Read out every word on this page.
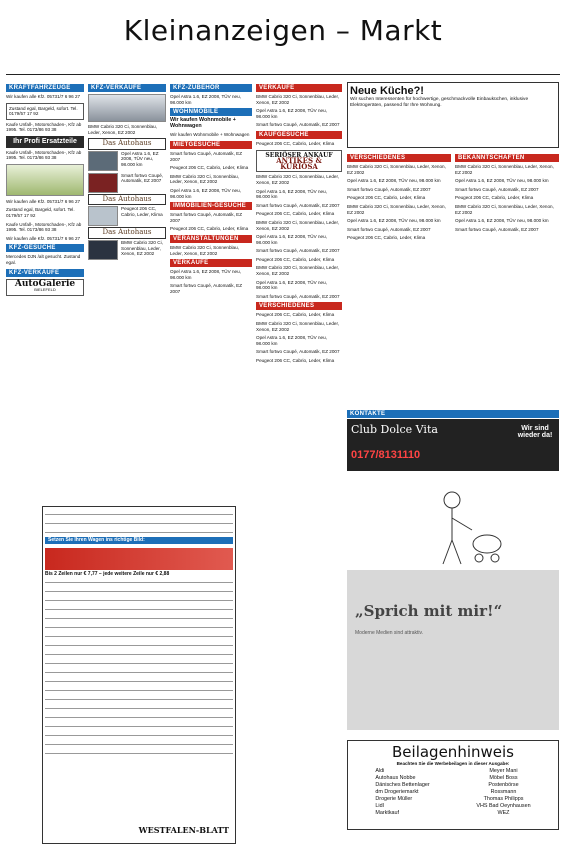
Kleinanzeigen – Markt
KRAFTFAHRZEUGE
Wir kaufen alle Kfz. 05731/7 6 96 27
Zustand egal, Bargeld, sofort. Tel. 0179/57 17 92
Kaufe Unfall-, Motorschaden-, Kfz ab 1995. Tel. 0173/86 93 38
Ihr Profi Ersatzteile
Kaufe Unfall-, Motorschaden-, Kfz ab 1995. Tel. 0173/86 93 38
Wir kaufen alle Kfz. 05731/7 6 96 27
Zustand egal, Bargeld, sofort. Tel. 0179/57 17 92
Kaufe Unfall-, Motorschaden-, Kfz ab 1995. Tel. 0173/86 93 38
Wir kaufen alle Kfz. 05731/7 6 96 27
KFZ-GESUCHE
Mercedes DJN /alt gesucht. Zustand egal.
KFZ-VERKÄUFE
AutoGalerie
BIELEFELD
KFZ-VERKÄUFE
BMW Cabrio 320 Ci, Sonnenblau, Leder, Xenon, EZ 2002
Das Autohaus
Opel Astra 1.6, EZ 2008, TÜV neu, 98.000 km
Smart fortwo Coupé, Automatik, EZ 2007
Das Autohaus
Peugeot 206 CC, Cabrio, Leder, Klima
Das Autohaus
BMW Cabrio 320 Ci, Sonnenblau, Leder, Xenon, EZ 2002
KFZ-ZUBEHÖR
Opel Astra 1.6, EZ 2008, TÜV neu, 98.000 km
WOHNMOBILE
Wir kaufen Wohnmobile + Wohnwagen
Wir kaufen Wohnmobile + Wohnwagen
MIETGESUCHE
Smart fortwo Coupé, Automatik, EZ 2007
Peugeot 206 CC, Cabrio, Leder, Klima
BMW Cabrio 320 Ci, Sonnenblau, Leder, Xenon, EZ 2002
Opel Astra 1.6, EZ 2008, TÜV neu, 98.000 km
IMMOBILIEN-GESUCHE
Smart fortwo Coupé, Automatik, EZ 2007
Peugeot 206 CC, Cabrio, Leder, Klima
VERANSTALTUNGEN
BMW Cabrio 320 Ci, Sonnenblau, Leder, Xenon, EZ 2002
VERKÄUFE
Opel Astra 1.6, EZ 2008, TÜV neu, 98.000 km
Smart fortwo Coupé, Automatik, EZ 2007
VERKÄUFE
BMW Cabrio 320 Ci, Sonnenblau, Leder, Xenon, EZ 2002
Opel Astra 1.6, EZ 2008, TÜV neu, 98.000 km
Smart fortwo Coupé, Automatik, EZ 2007
KAUFGESUCHE
Peugeot 206 CC, Cabrio, Leder, Klima
SERIÖSER ANKAUF
ANTIKES & KURIOSA
BMW Cabrio 320 Ci, Sonnenblau, Leder, Xenon, EZ 2002
Opel Astra 1.6, EZ 2008, TÜV neu, 98.000 km
Smart fortwo Coupé, Automatik, EZ 2007
Peugeot 206 CC, Cabrio, Leder, Klima
BMW Cabrio 320 Ci, Sonnenblau, Leder, Xenon, EZ 2002
Opel Astra 1.6, EZ 2008, TÜV neu, 98.000 km
Smart fortwo Coupé, Automatik, EZ 2007
Peugeot 206 CC, Cabrio, Leder, Klima
BMW Cabrio 320 Ci, Sonnenblau, Leder, Xenon, EZ 2002
Opel Astra 1.6, EZ 2008, TÜV neu, 98.000 km
Smart fortwo Coupé, Automatik, EZ 2007
VERSCHIEDENES
Peugeot 206 CC, Cabrio, Leder, Klima
BMW Cabrio 320 Ci, Sonnenblau, Leder, Xenon, EZ 2002
Opel Astra 1.6, EZ 2008, TÜV neu, 98.000 km
Smart fortwo Coupé, Automatik, EZ 2007
Peugeot 206 CC, Cabrio, Leder, Klima
Neue Küche?!
Wir suchen Interessenten für hochwertige, geschmackvolle Einbauküchen, inklusive Elektrogeräten, passend für Ihre Wohnung.
VERSCHIEDENES
BMW Cabrio 320 Ci, Sonnenblau, Leder, Xenon, EZ 2002
Opel Astra 1.6, EZ 2008, TÜV neu, 98.000 km
Smart fortwo Coupé, Automatik, EZ 2007
Peugeot 206 CC, Cabrio, Leder, Klima
BMW Cabrio 320 Ci, Sonnenblau, Leder, Xenon, EZ 2002
Opel Astra 1.6, EZ 2008, TÜV neu, 98.000 km
Smart fortwo Coupé, Automatik, EZ 2007
Peugeot 206 CC, Cabrio, Leder, Klima
BEKANNTSCHAFTEN
BMW Cabrio 320 Ci, Sonnenblau, Leder, Xenon, EZ 2002
Opel Astra 1.6, EZ 2008, TÜV neu, 98.000 km
Smart fortwo Coupé, Automatik, EZ 2007
Peugeot 206 CC, Cabrio, Leder, Klima
BMW Cabrio 320 Ci, Sonnenblau, Leder, Xenon, EZ 2002
Opel Astra 1.6, EZ 2008, TÜV neu, 98.000 km
Smart fortwo Coupé, Automatik, EZ 2007
KONTAKTE
Club Dolce Vita
0177/8131110
Wir sind wieder da!
„Sprich mit mir!“
Moderne Medien sind attraktiv.
Beilagenhinweis
Beachten Sie die Werbebeilagen in dieser Ausgabe:
Aldi
Autohaus Nobbe
Dänisches Bettenlager
dm Drogeriemarkt
Drogerie Müller
Lidl
Marktkauf
Meyer Mani
Möbel Boss
Postenbörse
Rossmann
Thomas Philipps
VHS Bad Oeynhausen
WEZ
Setzen Sie Ihren Wagen ins richtige Bild:
Bis 2 Zeilen nur € 7,77 – jede weitere Zeile nur € 2,88
WESTFALEN-BLATT
